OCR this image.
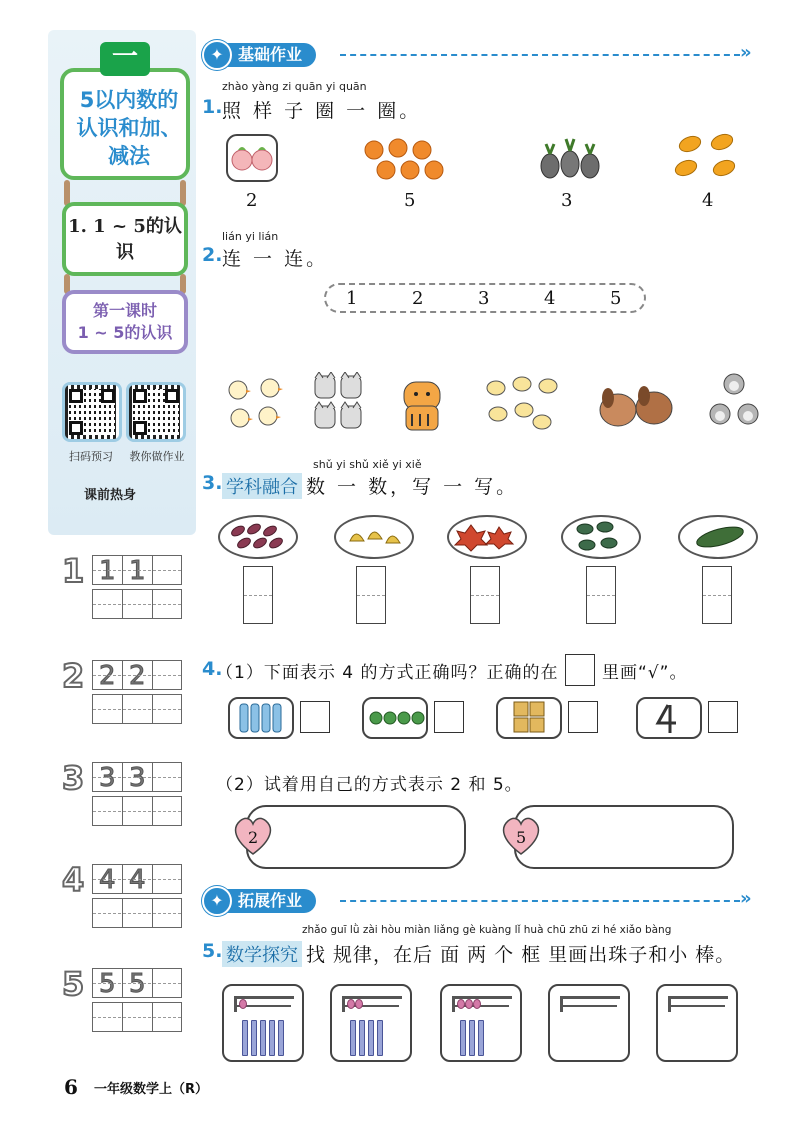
5以内数的认识和加、减法
一
1. 1 ~ 5的认识
第一课时
1 ~ 5的认识
扫码预习	教你做作业
课前热身
1 1 1
2 2 2
3 3 3
4 4 4
5 5 5
基础作业
✦	»
zhào yàng zi quān yi quān
1. 照 样 子 圈 一 圈。
2	5	3	4
lián yi lián
2. 连 一 连。
1	2	3	4	5
shǔ yi shǔ xiě yi xiě
3. 学科融合 数 一 数，写 一 写。
4.
（1）下面表示 4 的方式正确吗？正确的在	里画“√”。
（2）试着用自己的方式表示 2 和 5。
2	5
拓展作业
✦	»
zhǎo guī lǜ zài hòu miàn liǎng gè kuàng lǐ huà chū zhū zi hé xiǎo bàng
5. 数学探究 找 规律，在后 面 两 个 框 里画出珠子和小 棒。
6 一年级数学上（R）
